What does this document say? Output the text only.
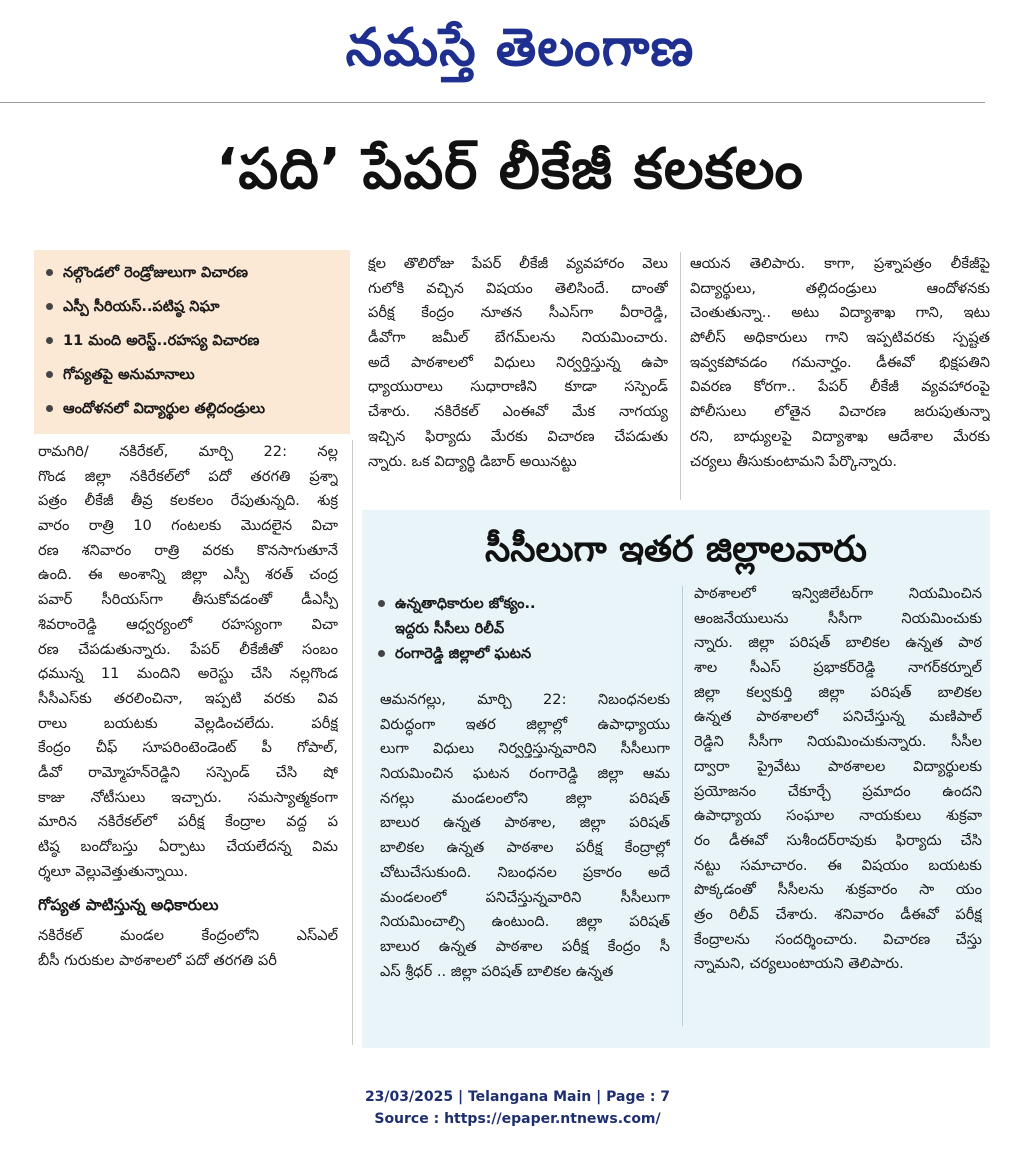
నమస్తే తెలంగాణ
‘పది’ పేపర్ లీకేజీ కలకలం
నల్గొండలో రెండ్రోజులుగా విచారణ
ఎస్పీ సీరియస్..పటిష్ఠ నిఘా
11 మంది అరెస్ట్..రహస్య విచారణ
గోప్యతపై అనుమానాలు
ఆందోళనలో విద్యార్థుల తల్లిదండ్రులు
రామగిరి/ నకిరేకల్, మార్చి 22: నల్ల
గొండ జిల్లా నకిరేకల్‌లో పదో తరగతి ప్రశ్నా
పత్రం లీకేజీ తీవ్ర కలకలం రేపుతున్నది. శుక్ర
వారం రాత్రి 10 గంటలకు మొదలైన విచా
రణ శనివారం రాత్రి వరకు కొనసాగుతూనే
ఉంది. ఈ అంశాన్ని జిల్లా ఎస్పీ శరత్ చంద్ర
పవార్ సీరియస్‌గా తీసుకోవడంతో డీఎస్పీ
శివరాంరెడ్డి ఆధ్వర్యంలో రహస్యంగా విచా
రణ చేపడుతున్నారు. పేపర్ లీకేజీతో సంబం
ధమున్న 11 మందిని అరెస్టు చేసి నల్లగొండ
సీసీఎస్‌కు తరలించినా, ఇప్పటి వరకు వివ
రాలు బయటకు వెల్లడించలేదు. పరీక్ష
కేంద్రం చీఫ్ సూపరింటెండెంట్ పీ గోపాల్,
డీవో రామ్మోహన్‌రెడ్డిని సస్పెండ్ చేసి షో
కాజు నోటీసులు ఇచ్చారు. సమస్యాత్మకంగా
మారిన నకిరేకల్‌లో పరీక్ష కేంద్రాల వద్ద ప
టిష్ఠ బందోబస్తు ఏర్పాటు చేయలేదన్న విమ
ర్శలూ వెల్లువెత్తుతున్నాయి.
గోప్యత పాటిస్తున్న అధికారులు
నకిరేకల్ మండల కేంద్రంలోని ఎస్ఎల్
బీసీ గురుకుల పాఠశాలలో పదో తరగతి పరీ
క్షల తొలిరోజు పేపర్ లీకేజీ వ్యవహారం వెలు
గులోకి వచ్చిన విషయం తెలిసిందే. దాంతో
పరీక్ష కేంద్రం నూతన సీఎస్‌గా వీరారెడ్డి,
డీవోగా జమీల్ బేగమ్‌లను నియమించారు.
అదే పాఠశాలలో విధులు నిర్వర్తిస్తున్న ఉపా
ధ్యాయురాలు సుధారాణిని కూడా సస్పెండ్
చేశారు. నకిరేకల్ ఎంఈవో మేక నాగయ్య
ఇచ్చిన ఫిర్యాదు మేరకు విచారణ చేపడుతు
న్నారు. ఒక విద్యార్థి డిబార్ అయినట్టు
ఆయన తెలిపారు. కాగా, ప్రశ్నాపత్రం లీకేజీపై
విద్యార్థులు, తల్లిదండ్రులు ఆందోళనకు
చెంతుతున్నా.. అటు విద్యాశాఖ గాని, ఇటు
పోలీస్ అధికారులు గాని ఇప్పటివరకు స్పష్టత
ఇవ్వకపోవడం గమనార్హం. డీఈవో భిక్షపతిని
వివరణ కోరగా.. పేపర్ లీకేజీ వ్యవహారంపై
పోలీసులు లోతైన విచారణ జరుపుతున్నా
రని, బాధ్యులపై విద్యాశాఖ ఆదేశాల మేరకు
చర్యలు తీసుకుంటామని పేర్కొన్నారు.
సీసీలుగా ఇతర జిల్లాలవారు
ఉన్నతాధికారుల జోక్యం..
ఇద్దరు సీసీలు రిలీవ్
రంగారెడ్డి జిల్లాలో ఘటన
ఆమనగల్లు, మార్చి 22: నిబంధనలకు
విరుద్ధంగా ఇతర జిల్లాల్లో ఉపాధ్యాయు
లుగా విధులు నిర్వర్తిస్తున్నవారిని సీసీలుగా
నియమించిన ఘటన రంగారెడ్డి జిల్లా ఆమ
నగల్లు మండలంలోని జిల్లా పరిషత్
బాలుర ఉన్నత పాఠశాల, జిల్లా పరిషత్
బాలికల ఉన్నత పాఠశాల పరీక్ష కేంద్రాల్లో
చోటుచేసుకుంది. నిబంధనల ప్రకారం అదే
మండలంలో పనిచేస్తున్నవారిని సీసీలుగా
నియమించాల్సి ఉంటుంది. జిల్లా పరిషత్
బాలుర ఉన్నత పాఠశాల పరీక్ష కేంద్రం సీ
ఎస్ శ్రీధర్ .. జిల్లా పరిషత్ బాలికల ఉన్నత
పాఠశాలలో ఇన్విజిలేటర్‌గా నియమించిన
ఆంజనేయులును సీసీగా నియమించుకు
న్నారు. జిల్లా పరిషత్ బాలికల ఉన్నత పాఠ
శాల సీఎస్ ప్రభాకర్‌రెడ్డి నాగర్‌కర్నూల్
జిల్లా కల్వకుర్తి జిల్లా పరిషత్ బాలికల
ఉన్నత పాఠశాలలో పనిచేస్తున్న మణిపాల్
రెడ్డిని సీసీగా నియమించుకున్నారు. సీసీల
ద్వారా ప్రైవేటు పాఠశాలల విద్యార్థులకు
ప్రయోజనం చేకూర్చే ప్రమాదం ఉందని
ఉపాధ్యాయ సంఘాల నాయకులు శుక్రవా
రం డీఈవో సుశీందర్‌రావుకు ఫిర్యాదు చేసి
నట్టు సమాచారం. ఈ విషయం బయటకు
పొక్కడంతో సీసీలను శుక్రవారం సా యం
త్రం రిలీవ్ చేశారు. శనివారం డీఈవో పరీక్ష
కేంద్రాలను సందర్శించారు. విచారణ చేస్తు
న్నామని, చర్యలుంటాయని తెలిపారు.
23/03/2025 | Telangana Main | Page : 7
Source : https://epaper.ntnews.com/
